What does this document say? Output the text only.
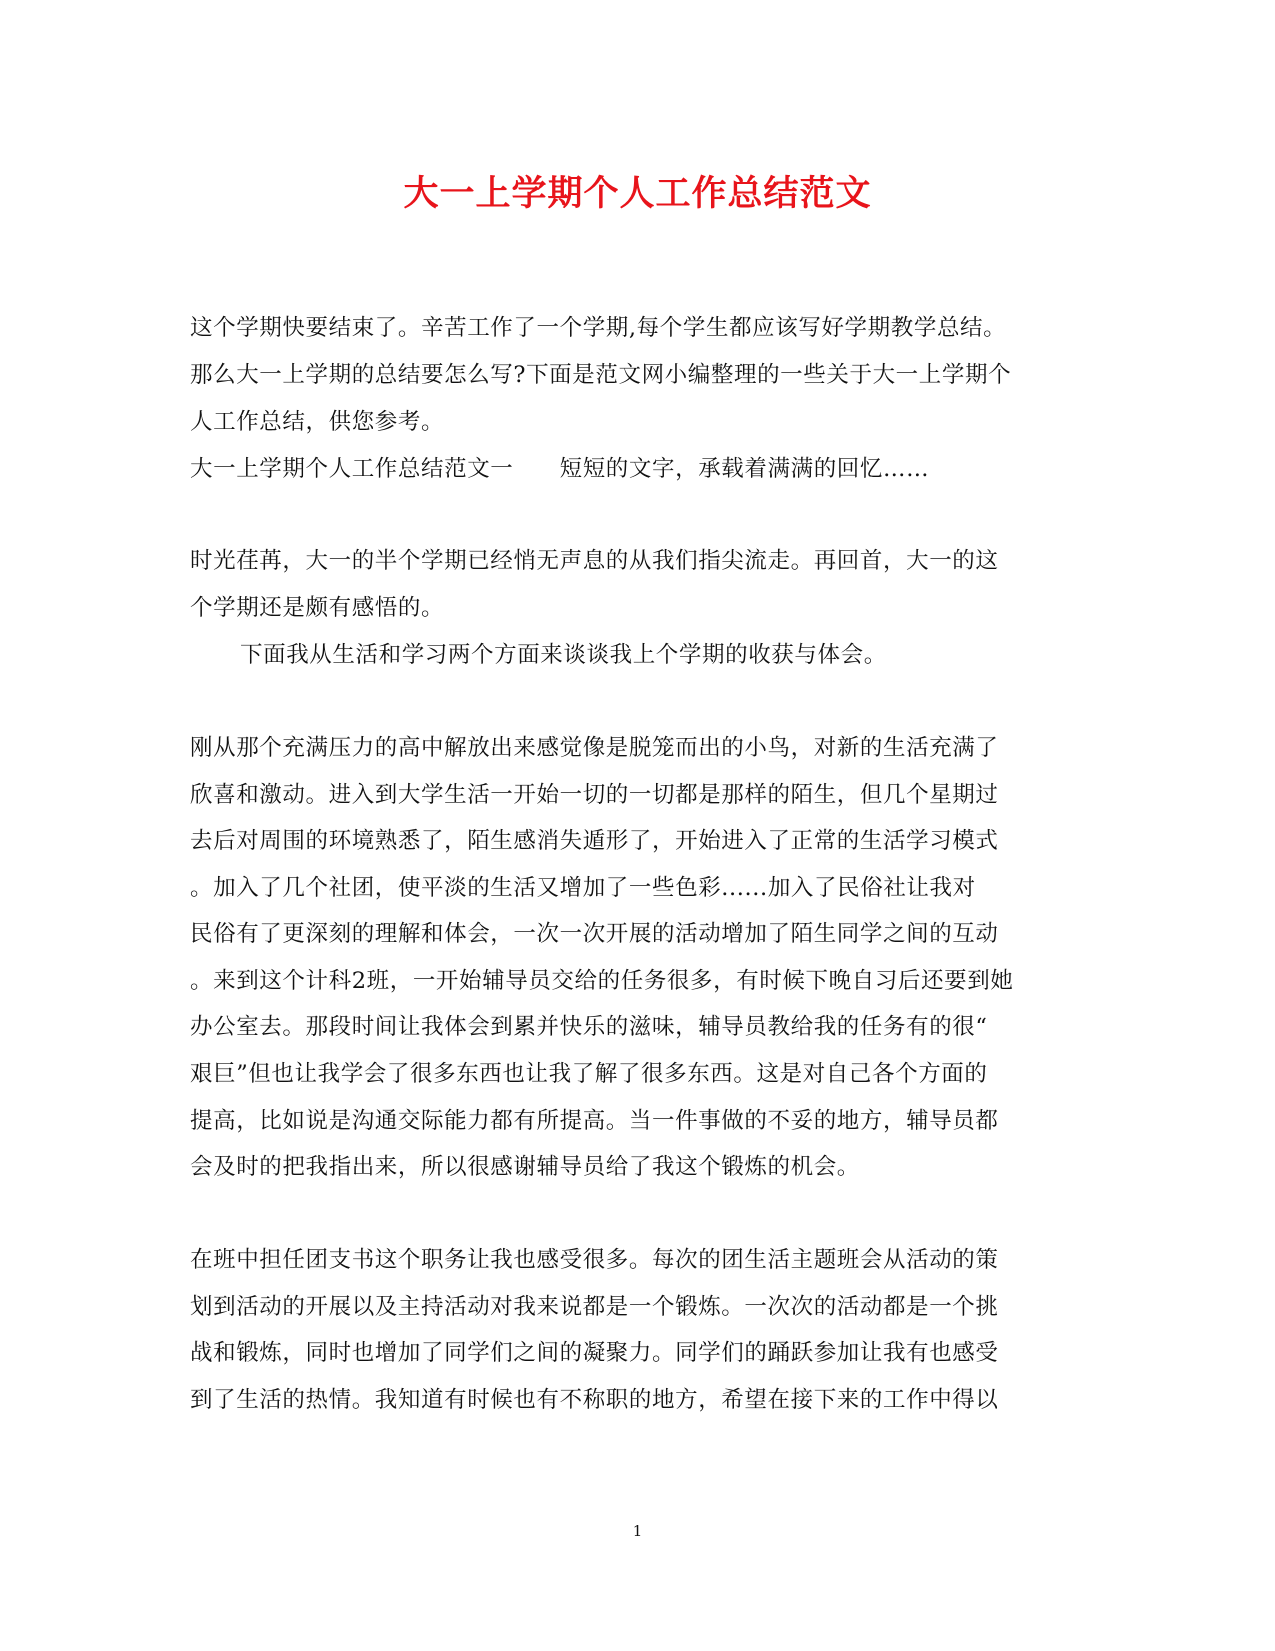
大一上学期个人工作总结范文
这个学期快要结束了。辛苦工作了一个学期,每个学生都应该写好学期教学总结。
那么大一上学期的总结要怎么写?下面是范文网小编整理的一些关于大一上学期个
人工作总结，供您参考。
大一上学期个人工作总结范文一　　短短的文字，承载着满满的回忆……
时光荏苒，大一的半个学期已经悄无声息的从我们指尖流走。再回首，大一的这
个学期还是颇有感悟的。
下面我从生活和学习两个方面来谈谈我上个学期的收获与体会。
刚从那个充满压力的高中解放出来感觉像是脱笼而出的小鸟，对新的生活充满了
欣喜和激动。进入到大学生活一开始一切的一切都是那样的陌生，但几个星期过
去后对周围的环境熟悉了，陌生感消失遁形了，开始进入了正常的生活学习模式
。加入了几个社团，使平淡的生活又增加了一些色彩......加入了民俗社让我对
民俗有了更深刻的理解和体会，一次一次开展的活动增加了陌生同学之间的互动
。来到这个计科2班，一开始辅导员交给的任务很多，有时候下晚自习后还要到她
办公室去。那段时间让我体会到累并快乐的滋味，辅导员教给我的任务有的很“
艰巨”但也让我学会了很多东西也让我了解了很多东西。这是对自己各个方面的
提高，比如说是沟通交际能力都有所提高。当一件事做的不妥的地方，辅导员都
会及时的把我指出来，所以很感谢辅导员给了我这个锻炼的机会。
在班中担任团支书这个职务让我也感受很多。每次的团生活主题班会从活动的策
划到活动的开展以及主持活动对我来说都是一个锻炼。一次次的活动都是一个挑
战和锻炼，同时也增加了同学们之间的凝聚力。同学们的踊跃参加让我有也感受
到了生活的热情。我知道有时候也有不称职的地方，希望在接下来的工作中得以
1
